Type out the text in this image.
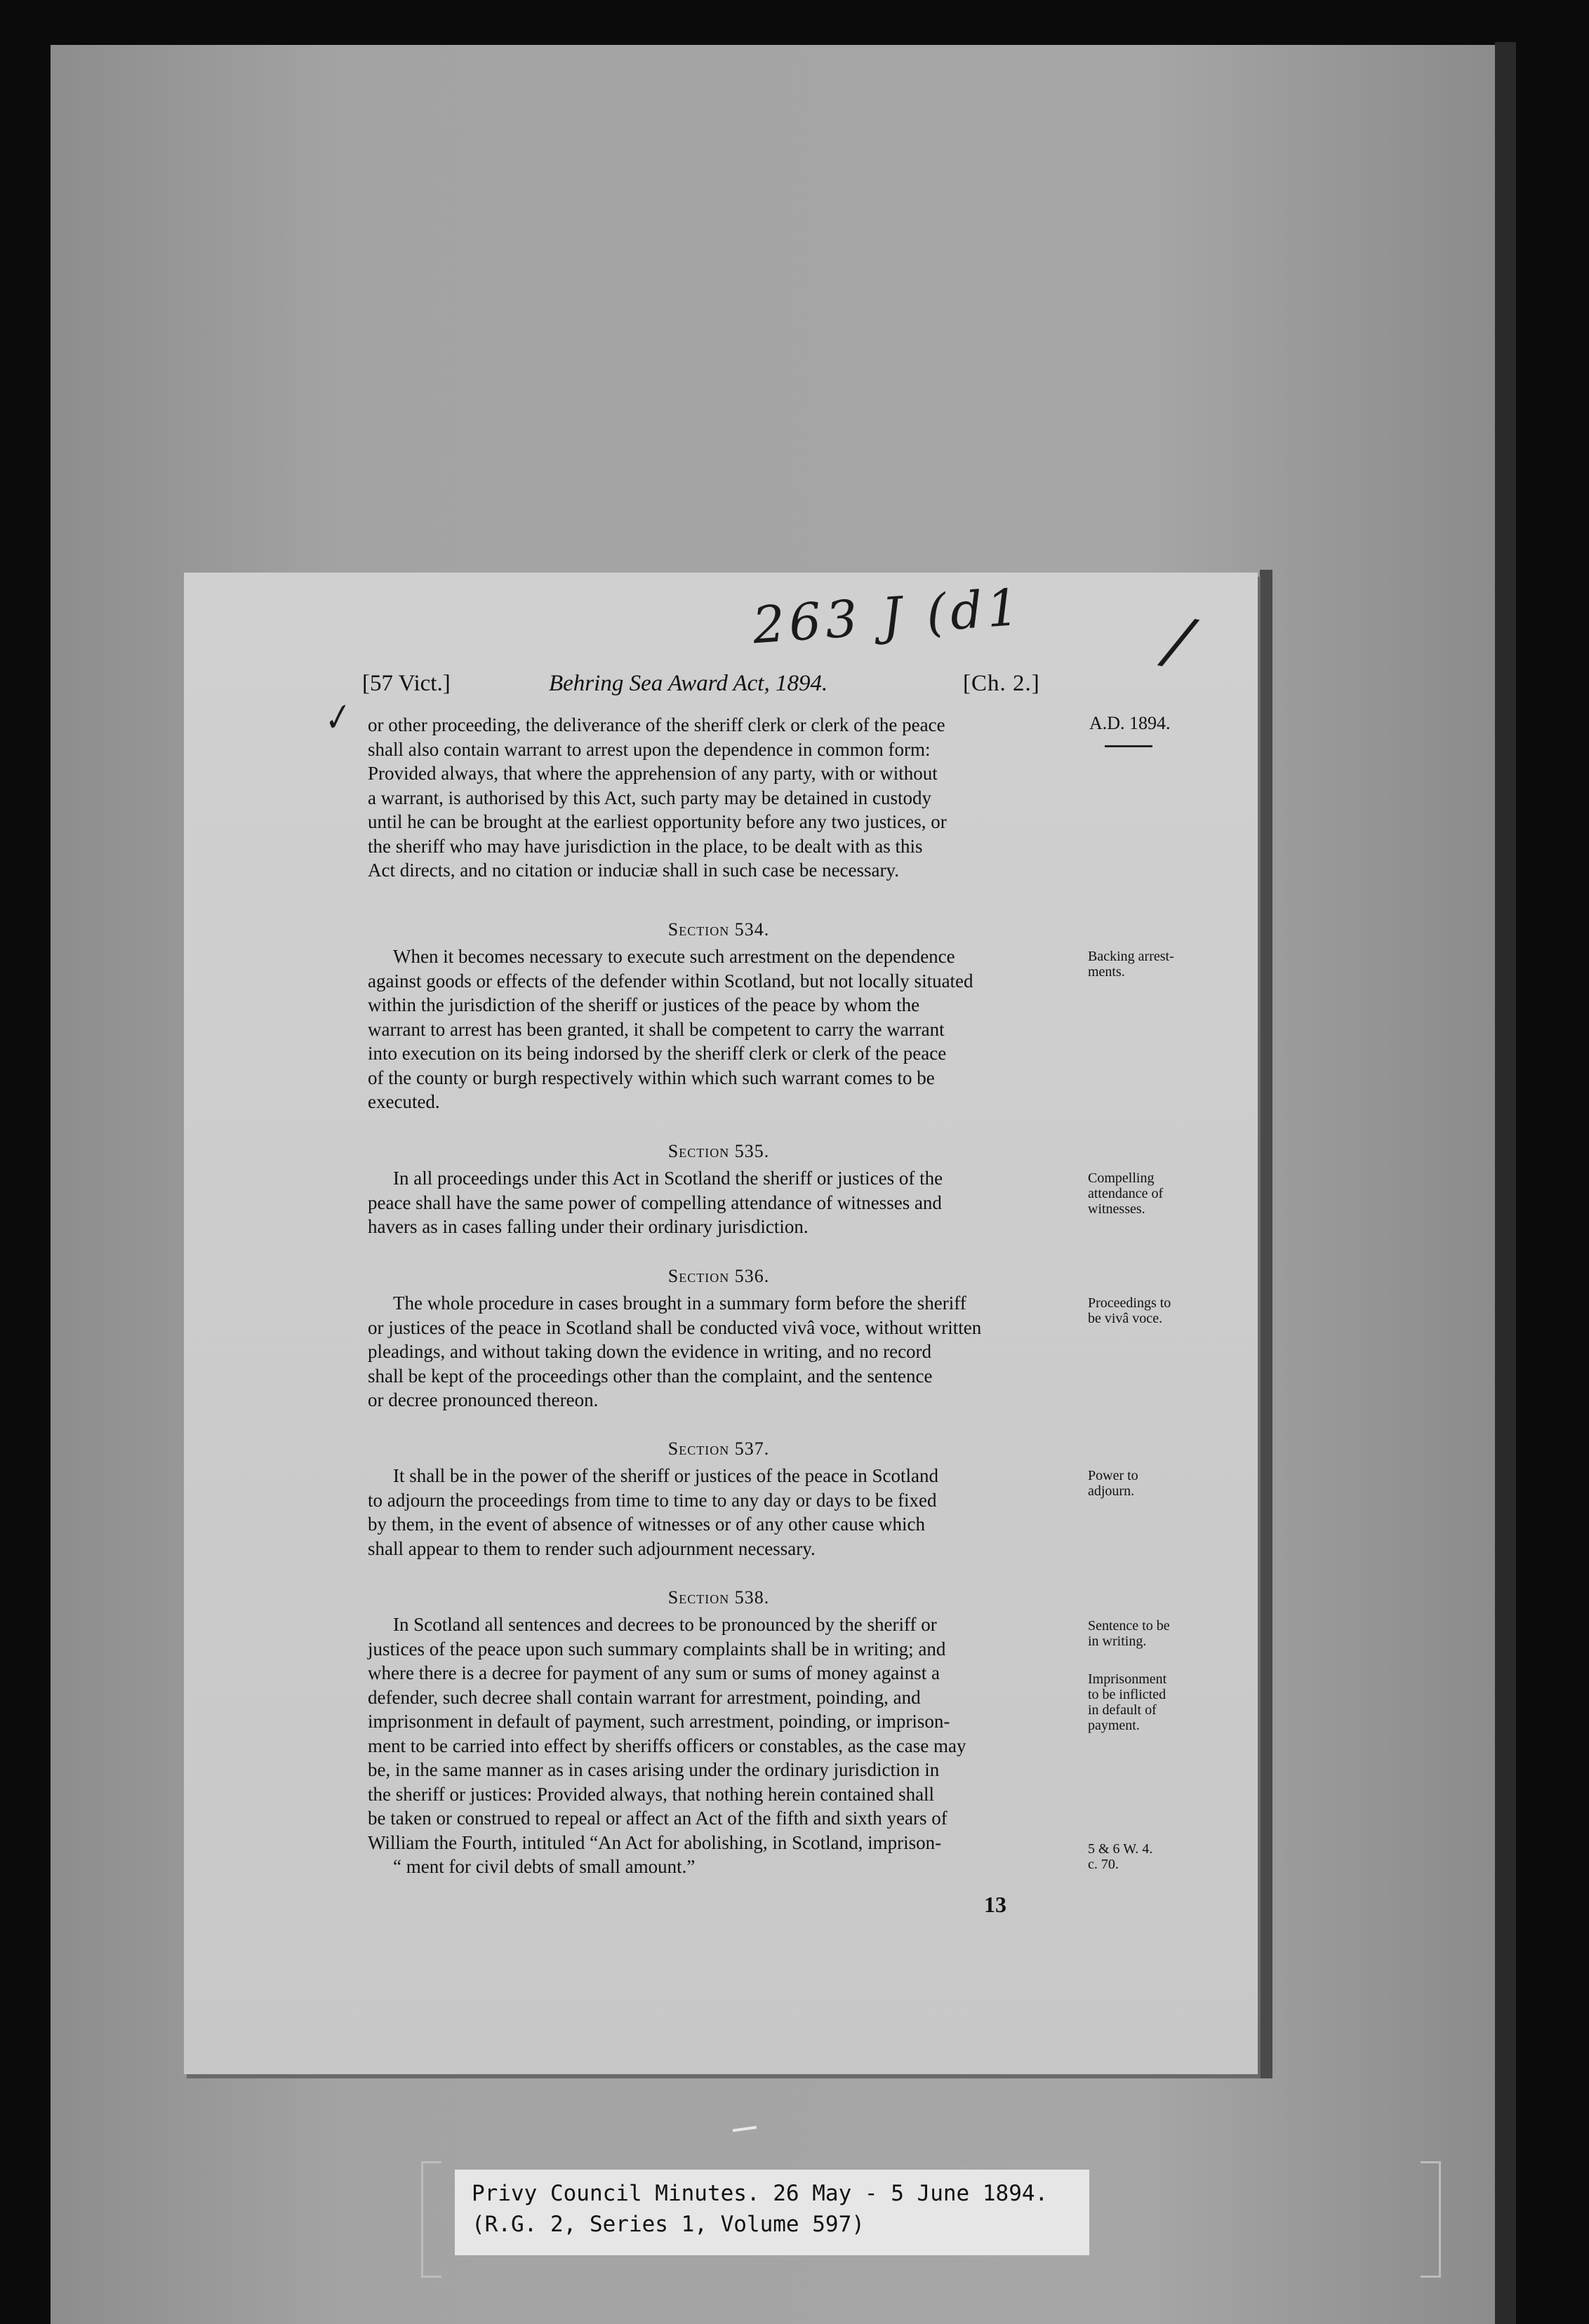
263 J (d1 /
✓
[57 Vict.]	Behring Sea Award Act, 1894.	[Ch. 2.]
A.D. 1894.

or other proceeding, the deliverance of the sheriff clerk or clerk of the peace

shall also contain warrant to arrest upon the dependence in common form:

Provided always, that where the apprehension of any party, with or without

a warrant, is authorised by this Act, such party may be detained in custody

until he can be brought at the earliest opportunity before any two justices, or

the sheriff who may have jurisdiction in the place, to be dealt with as this

Act directs, and no citation or induciæ shall in such case be necessary.

Section 534.

When it becomes necessary to execute such arrestment on the dependence

against goods or effects of the defender within Scotland, but not locally situated

within the jurisdiction of the sheriff or justices of the peace by whom the

warrant to arrest has been granted, it shall be competent to carry the warrant

into execution on its being indorsed by the sheriff clerk or clerk of the peace

of the county or burgh respectively within which such warrant comes to be

executed.

Backing arrest-
ments.
Section 535.

In all proceedings under this Act in Scotland the sheriff or justices of the

peace shall have the same power of compelling attendance of witnesses and

havers as in cases falling under their ordinary jurisdiction.

Compelling
attendance of
witnesses.
Section 536.

The whole procedure in cases brought in a summary form before the sheriff

or justices of the peace in Scotland shall be conducted vivâ voce, without written

pleadings, and without taking down the evidence in writing, and no record

shall be kept of the proceedings other than the complaint, and the sentence

or decree pronounced thereon.

Proceedings to
be vivâ voce.
Section 537.

It shall be in the power of the sheriff or justices of the peace in Scotland

to adjourn the proceedings from time to time to any day or days to be fixed

by them, in the event of absence of witnesses or of any other cause which

shall appear to them to render such adjournment necessary.

Power to
adjourn.
Section 538.

In Scotland all sentences and decrees to be pronounced by the sheriff or

justices of the peace upon such summary complaints shall be in writing; and

where there is a decree for payment of any sum or sums of money against a

defender, such decree shall contain warrant for arrestment, poinding, and

imprisonment in default of payment, such arrestment, poinding, or imprison-

ment to be carried into effect by sheriffs officers or constables, as the case may

be, in the same manner as in cases arising under the ordinary jurisdiction in

the sheriff or justices: Provided always, that nothing herein contained shall

be taken or construed to repeal or affect an Act of the fifth and sixth years of

William the Fourth, intituled “An Act for abolishing, in Scotland, imprison-

“ ment for civil debts of small amount.”

Sentence to be
in writing.
Imprisonment
to be inflicted
in default of
payment.
5 & 6 W. 4.
c. 70.
13
Privy Council Minutes. 26 May - 5 June 1894.
(R.G. 2, Series 1, Volume 597)
